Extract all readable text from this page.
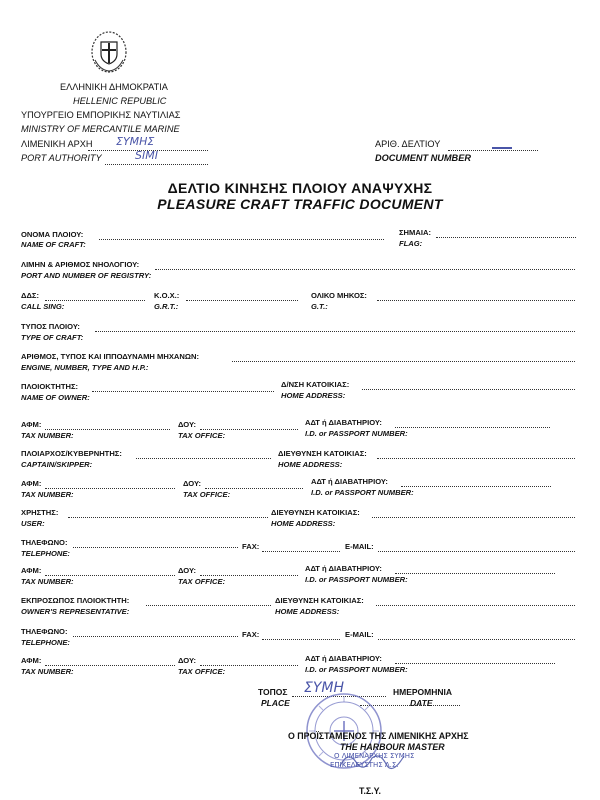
ΕΛΛΗΝΙΚΗ ΔΗΜΟΚΡΑΤΙΑ
HELLENIC REPUBLIC
ΥΠΟΥΡΓΕΙΟ ΕΜΠΟΡΙΚΗΣ ΝΑΥΤΙΛΙΑΣ
MINISTRY OF MERCANTILE MARINE
ΛΙΜΕΝΙΚΗ ΑΡΧΗ ΣΥΜΗΣ
PORT AUTHORITY	SIMI
ΑΡΙΘ. ΔΕΛΤΙΟΥ
DOCUMENT NUMBER
ΔΕΛΤΙΟ ΚΙΝΗΣΗΣ ΠΛΟΙΟΥ ΑΝΑΨΥΧΗΣ
PLEASURE CRAFT TRAFFIC DOCUMENT
ΟΝΟΜΑ ΠΛΟΙΟΥ:
NAME OF CRAFT:
ΣΗΜΑΙΑ:
FLAG:
ΛΙΜΗΝ & ΑΡΙΘΜΟΣ ΝΗΟΛΟΓΙΟΥ:
PORT AND NUMBER OF REGISTRY:
ΔΔΣ:
CALL SING:
Κ.Ο.Χ.:
G.R.T.:
ΟΛΙΚΟ ΜΗΚΟΣ:
G.T.:
ΤΥΠΟΣ ΠΛΟΙΟΥ:
TYPE OF CRAFT:
ΑΡΙΘΜΟΣ, ΤΥΠΟΣ ΚΑΙ ΙΠΠΟΔΥΝΑΜΗ ΜΗΧΑΝΩΝ:
ENGINE, NUMBER, TYPE AND H.P.:
ΠΛΟΙΟΚΤΗΤΗΣ:
NAME OF OWNER:
Δ/ΝΣΗ ΚΑΤΟΙΚΙΑΣ:
HOME ADDRESS:
ΑΦΜ:
TAX NUMBER:
ΔΟΥ:
TAX OFFICE:
ΑΔΤ ή ΔΙΑΒΑΤΗΡΙΟΥ:
I.D. or PASSPORT NUMBER:
ΠΛΟΙΑΡΧΟΣ/ΚΥΒΕΡΝΗΤΗΣ:
CAPTAIN/SKIPPER:
ΔΙΕΥΘΥΝΣΗ ΚΑΤΟΙΚΙΑΣ:
HOME ADDRESS:
ΑΦΜ:
TAX NUMBER:
ΔΟΥ:
TAX OFFICE:
ΑΔΤ ή ΔΙΑΒΑΤΗΡΙΟΥ:
I.D. or PASSPORT NUMBER:
ΧΡΗΣΤΗΣ:
USER:
ΔΙΕΥΘΥΝΣΗ ΚΑΤΟΙΚΙΑΣ:
HOME ADDRESS:
ΤΗΛΕΦΩΝΟ:
TELEPHONE:
FAX:	E-MAIL:
ΑΦΜ:
TAX NUMBER:
ΔΟΥ:
TAX OFFICE:
ΑΔΤ ή ΔΙΑΒΑΤΗΡΙΟΥ:
I.D. or PASSPORT NUMBER:
ΕΚΠΡΟΣΩΠΟΣ ΠΛΟΙΟΚΤΗΤΗ:
OWNER'S REPRESENTATIVE:
ΔΙΕΥΘΥΝΣΗ ΚΑΤΟΙΚΙΑΣ:
HOME ADDRESS:
ΤΗΛΕΦΩΝΟ:
TELEPHONE:
FAX:	E-MAIL:
ΑΦΜ:
TAX NUMBER:
ΔΟΥ:
TAX OFFICE:
ΑΔΤ ή ΔΙΑΒΑΤΗΡΙΟΥ:
I.D. or PASSPORT NUMBER:
ΤΟΠΟΣ ΣΥΜΗ
PLACE
ΗΜΕΡΟΜΗΝΙΑ
DATE
Ο ΠΡΟΪΣΤΑΜΕΝΟΣ ΤΗΣ ΛΙΜΕΝΙΚΗΣ ΑΡΧΗΣ
THE HARBOUR MASTER
Ο ΛΙΜΕΝΑΡΧΗΣ ΣΥΜΗΣ
ΕΠΙΚΕΛΕΥΣΤΗΣ Λ.Σ.
Τ.Σ.Υ.
